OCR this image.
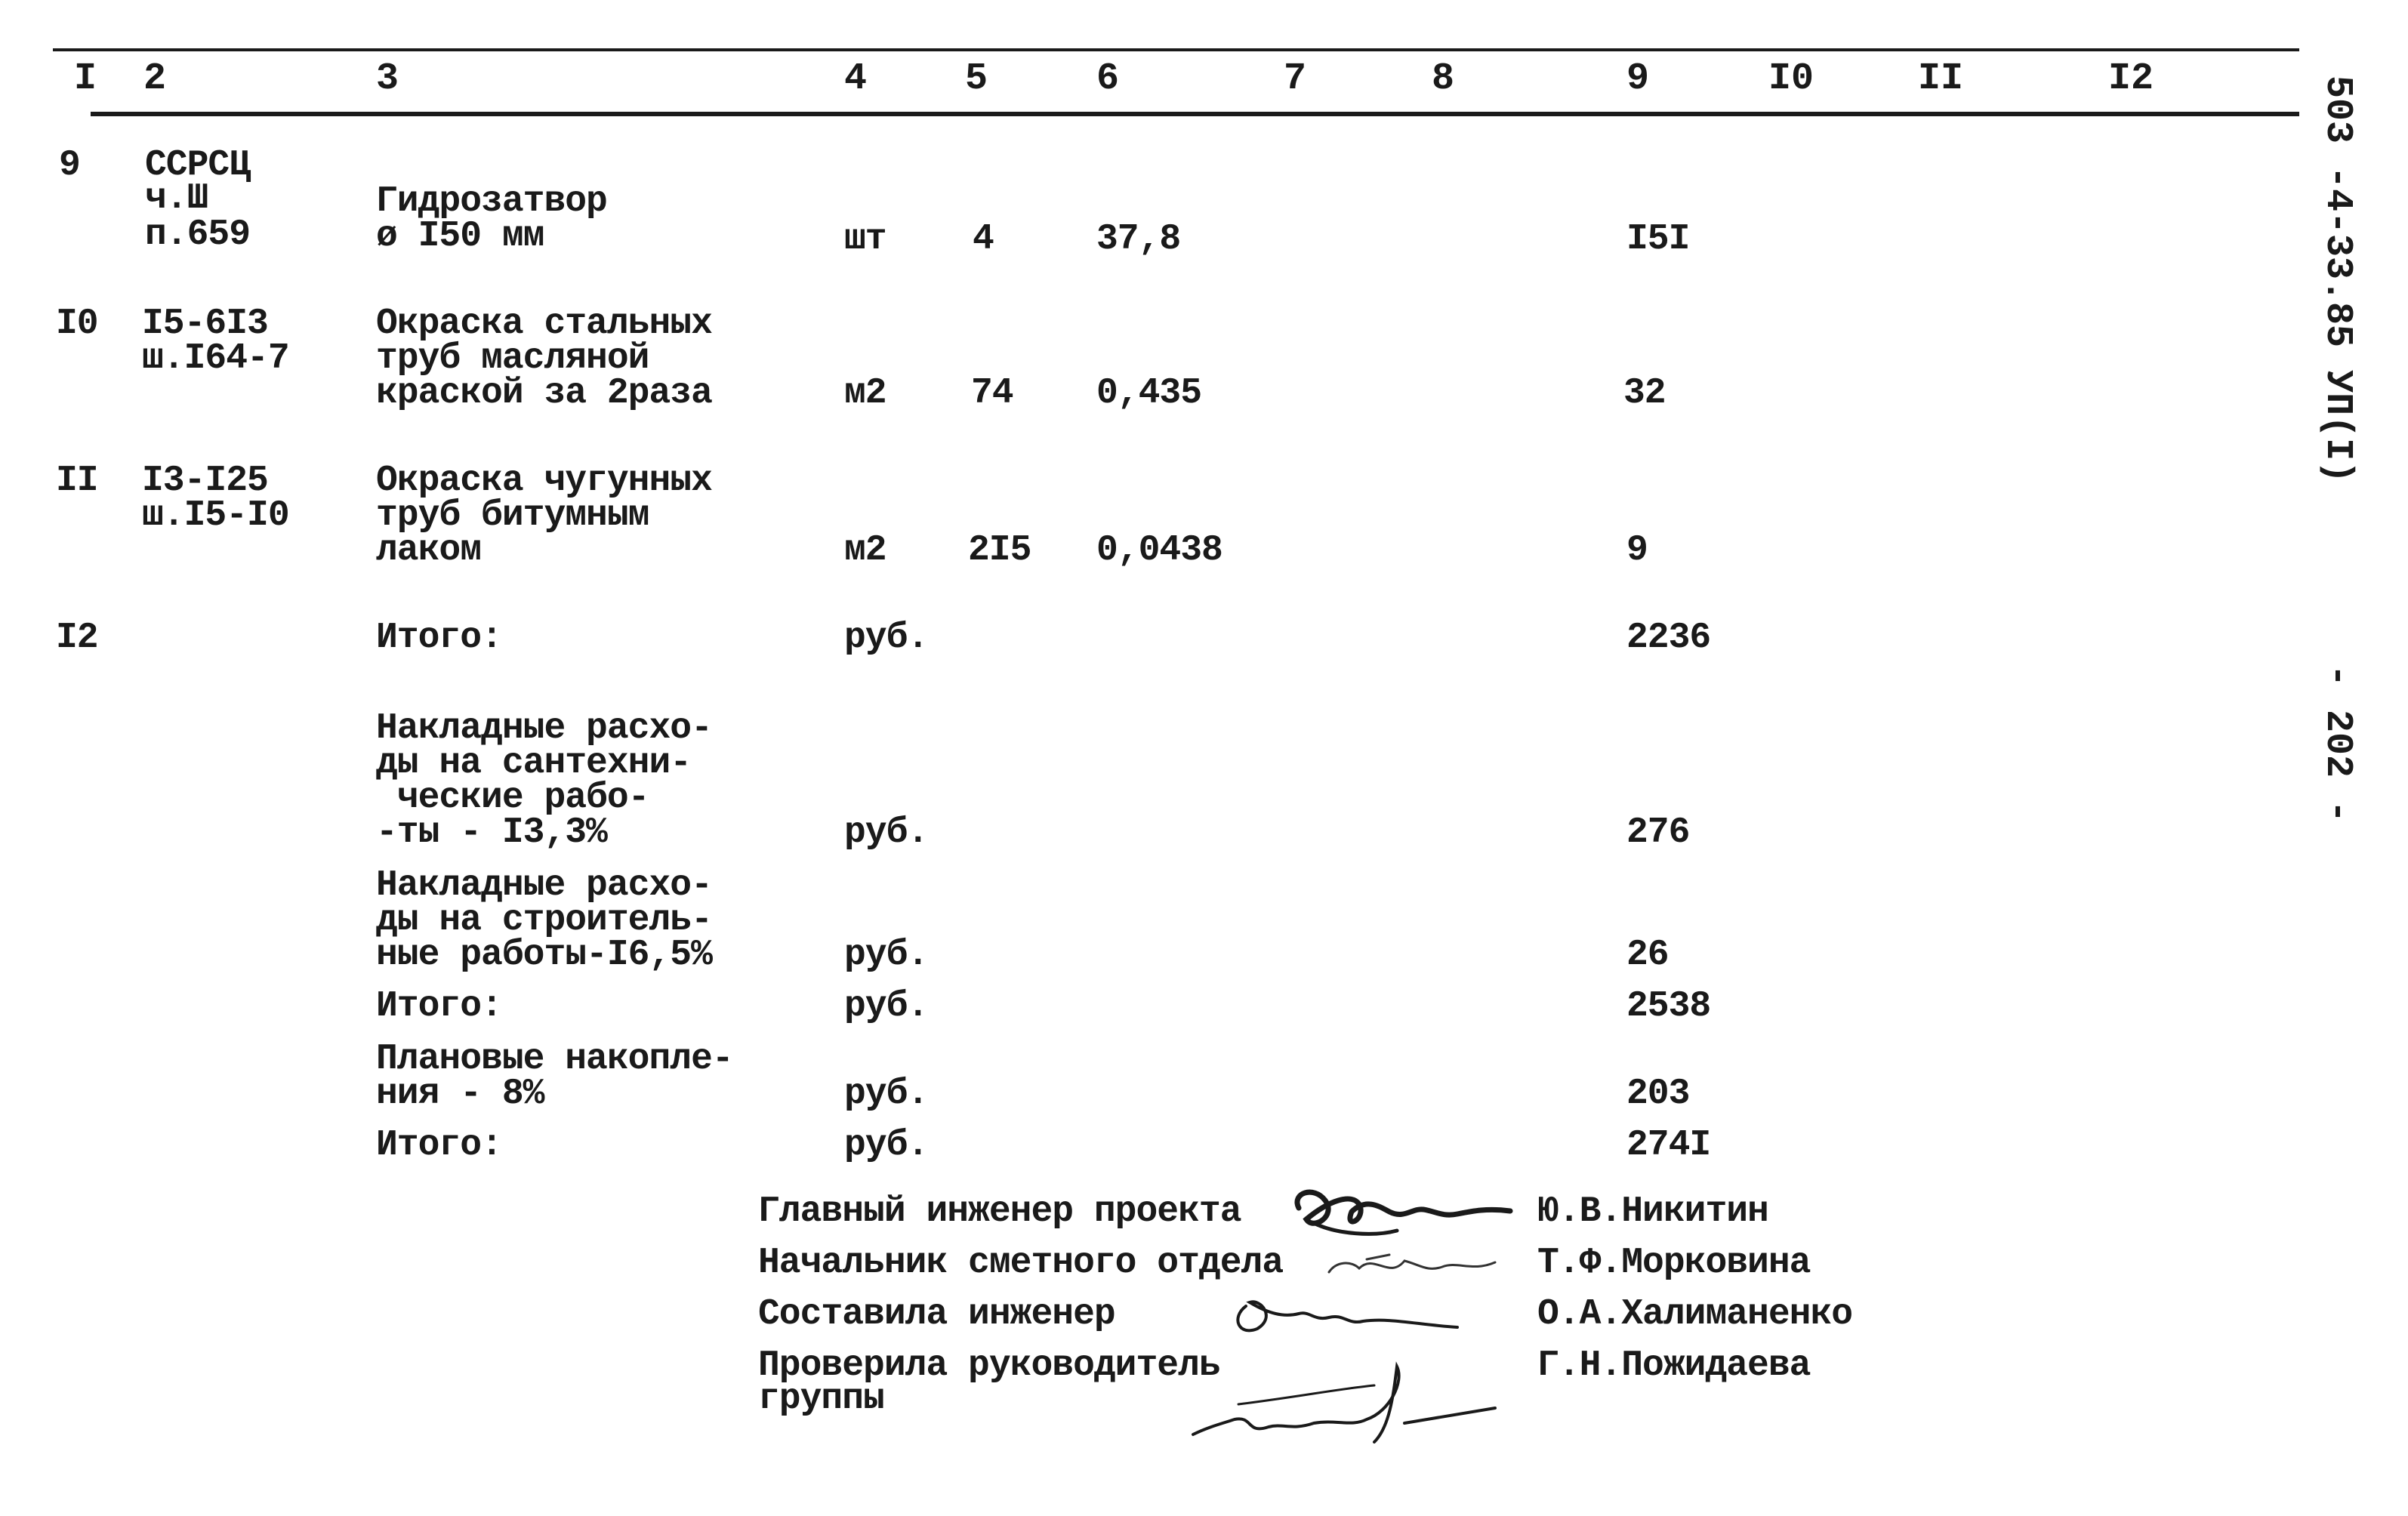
I 2	3	4	5	6	7	8	9	I0	II	I2	503 -4-33.85 УП(I)
- 202 -
9 ССРСЦ
ч.Ш
п.659
Гидрозатвор
ø I50 мм	шт 4	37,8	I5I
I0 I5-6I3
ш.I64-7
Окраска стальных
труб масляной
краской за 2раза	м2 74 0,435	32
II I3-I25
ш.I5-I0
Окраска чугунных
труб битумным
лаком	м2 2I5 0,0438	9
I2	Итого:	руб.	2236
Накладные расхо-
ды на сантехни-
ческие рабо-
-ты - I3,3%	руб.	276
Накладные расхо-
ды на строитель-
ные работы-I6,5%	руб.	26
Итого:	руб.	2538
Плановые накопле-
ния - 8%	руб.	203
Итого:	руб.	274I
Главный инженер проекта	Ю.В.Никитин
Начальник сметного отдела	Т.Ф.Морковина
Составила инженер	О.А.Халиманенко
Проверила руководитель
группы
Г.Н.Пожидаева
